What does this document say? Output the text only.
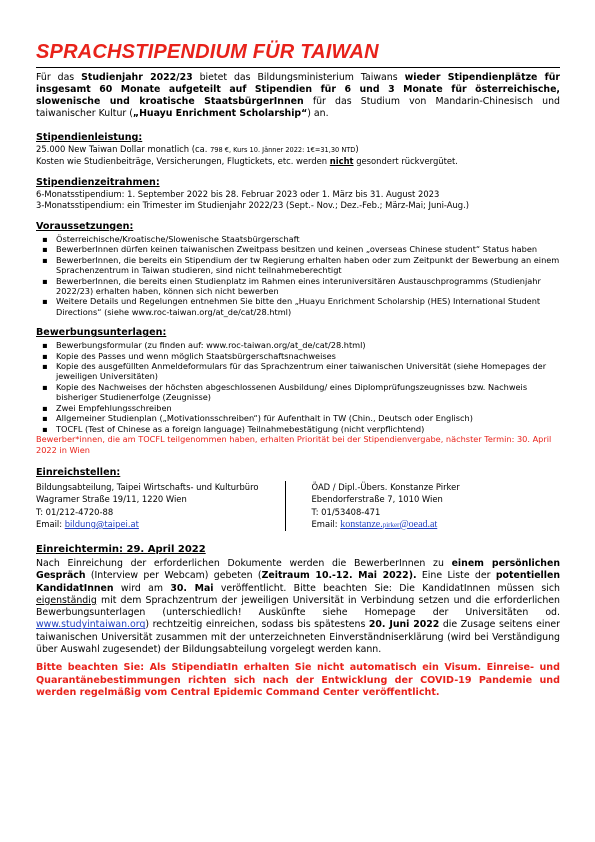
SPRACHSTIPENDIUM FÜR TAIWAN

Für das Studienjahr 2022/23 bietet das Bildungsministerium Taiwans wieder Stipendienplätze für insgesamt 60 Monate aufgeteilt auf Stipendien für 6 und 3 Monate für österreichische, slowenische und kroatische StaatsbürgerInnen für das Studium von Mandarin-Chinesisch und taiwanischer Kultur („Huayu Enrichment Scholarship“) an.

Stipendienleistung:

25.000 New Taiwan Dollar monatlich (ca. 798 €, Kurs 10. Jänner 2022: 1€=31,30 NTD)

Kosten wie Studienbeiträge, Versicherungen, Flugtickets, etc. werden nicht gesondert rückvergütet.

Stipendienzeitrahmen:

6-Monatsstipendium: 1. September 2022 bis 28. Februar 2023 oder 1. März bis 31. August 2023

3-Monatsstipendium: ein Trimester im Studienjahr 2022/23 (Sept.- Nov.; Dez.-Feb.; März-Mai; Juni-Aug.)

Voraussetzungen:

▪ Österreichische/Kroatische/Slowenische Staatsbürgerschaft
▪ BewerberInnen dürfen keinen taiwanischen Zweitpass besitzen und keinen „overseas Chinese student“ Status haben
▪ BewerberInnen, die bereits ein Stipendium der tw Regierung erhalten haben oder zum Zeitpunkt der Bewerbung an einem Sprachenzentrum in Taiwan studieren, sind nicht teilnahmeberechtigt
▪ BewerberInnen, die bereits einen Studienplatz im Rahmen eines interuniversitären Austauschprogramms (Studienjahr 2022/23) erhalten haben, können sich nicht bewerben
▪ Weitere Details und Regelungen entnehmen Sie bitte den „Huayu Enrichment Scholarship (HES) International Student Directions“ (siehe www.roc-taiwan.org/at_de/cat/28.html)

Bewerbungsunterlagen:

▪ Bewerbungsformular (zu finden auf: www.roc-taiwan.org/at_de/cat/28.html)
▪ Kopie des Passes und wenn möglich Staatsbürgerschaftsnachweises
▪ Kopie des ausgefüllten Anmeldeformulars für das Sprachzentrum einer taiwanischen Universität (siehe Homepages der jeweiligen Universitäten)
▪ Kopie des Nachweises der höchsten abgeschlossenen Ausbildung/ eines Diplomprüfungszeugnisses bzw. Nachweis bisheriger Studienerfolge (Zeugnisse)
▪ Zwei Empfehlungsschreiben
▪ Allgemeiner Studienplan („Motivationsschreiben“) für Aufenthalt in TW (Chin., Deutsch oder Englisch)
▪ TOCFL (Test of Chinese as a foreign language) Teilnahmebestätigung (nicht verpflichtend)

Bewerber*innen, die am TOCFL teilgenommen haben, erhalten Priorität bei der Stipendienvergabe, nächster Termin: 30. April 2022 in Wien

Einreichstellen:

Bildungsabteilung, Taipei Wirtschafts- und Kulturbüro
Wagramer Straße 19/11, 1220 Wien
T: 01/212-4720-88
Email: bildung@taipei.at
ÖAD / Dipl.-Übers. Konstanze Pirker
Ebendorferstraße 7, 1010 Wien
T: 01/53408-471
Email: konstanze.pirker@oead.at

Einreichtermin: 29. April 2022

Nach Einreichung der erforderlichen Dokumente werden die BewerberInnen zu einem persönlichen Gespräch (Interview per Webcam) gebeten (Zeitraum 10.-12. Mai 2022). Eine Liste der potentiellen KandidatInnen wird am 30. Mai veröffentlicht. Bitte beachten Sie: Die KandidatInnen müssen sich eigenständig mit dem Sprachzentrum der jeweiligen Universität in Verbindung setzen und die erforderlichen Bewerbungsunterlagen (unterschiedlich! Auskünfte siehe Homepage der Universitäten od. www.studyintaiwan.org) rechtzeitig einreichen, sodass bis spätestens 20. Juni 2022 die Zusage seitens einer taiwanischen Universität zusammen mit der unterzeichneten Einverständniserklärung (wird bei Verständigung über Auswahl zugesendet) der Bildungsabteilung vorgelegt werden kann.

Bitte beachten Sie: Als StipendiatIn erhalten Sie nicht automatisch ein Visum. Einreise- und Quarantänebestimmungen richten sich nach der Entwicklung der COVID-19 Pandemie und werden regelmäßig vom Central Epidemic Command Center veröffentlicht.
